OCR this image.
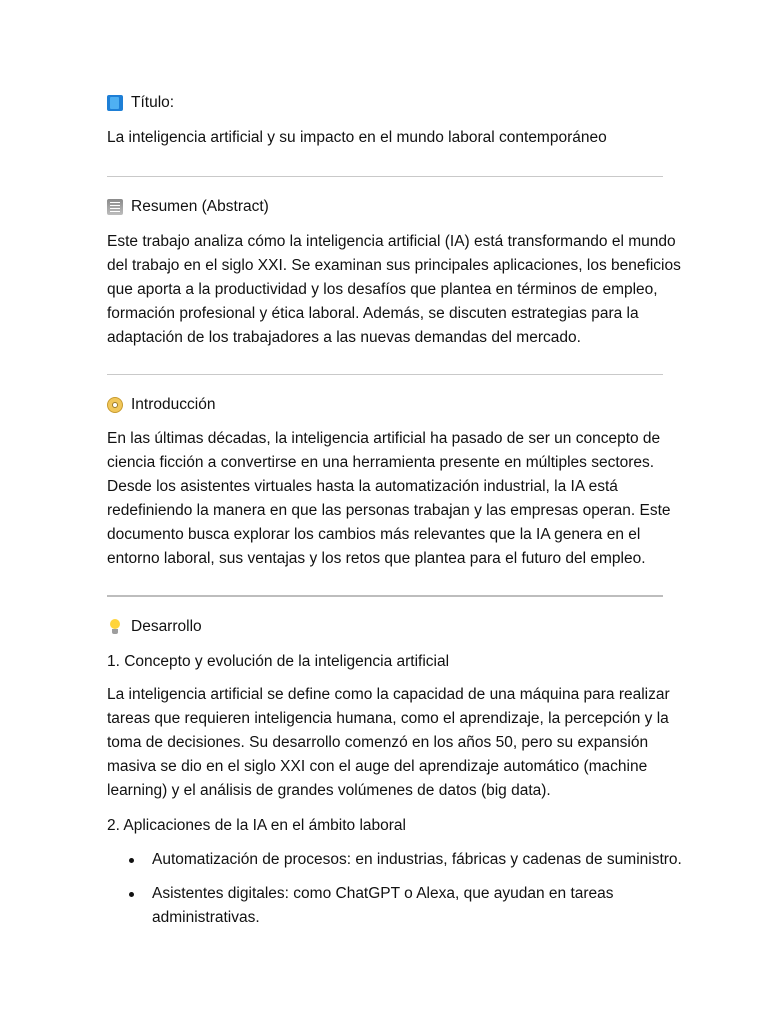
Título:
La inteligencia artificial y su impacto en el mundo laboral contemporáneo
Resumen (Abstract)
Este trabajo analiza cómo la inteligencia artificial (IA) está transformando el mundo
del trabajo en el siglo XXI. Se examinan sus principales aplicaciones, los beneficios
que aporta a la productividad y los desafíos que plantea en términos de empleo,
formación profesional y ética laboral. Además, se discuten estrategias para la
adaptación de los trabajadores a las nuevas demandas del mercado.
Introducción
En las últimas décadas, la inteligencia artificial ha pasado de ser un concepto de
ciencia ficción a convertirse en una herramienta presente en múltiples sectores.
Desde los asistentes virtuales hasta la automatización industrial, la IA está
redefiniendo la manera en que las personas trabajan y las empresas operan. Este
documento busca explorar los cambios más relevantes que la IA genera en el
entorno laboral, sus ventajas y los retos que plantea para el futuro del empleo.
Desarrollo
1. Concepto y evolución de la inteligencia artificial
La inteligencia artificial se define como la capacidad de una máquina para realizar
tareas que requieren inteligencia humana, como el aprendizaje, la percepción y la
toma de decisiones. Su desarrollo comenzó en los años 50, pero su expansión
masiva se dio en el siglo XXI con el auge del aprendizaje automático (machine
learning) y el análisis de grandes volúmenes de datos (big data).
2. Aplicaciones de la IA en el ámbito laboral
Automatización de procesos: en industrias, fábricas y cadenas de suministro.
Asistentes digitales: como ChatGPT o Alexa, que ayudan en tareas
administrativas.
